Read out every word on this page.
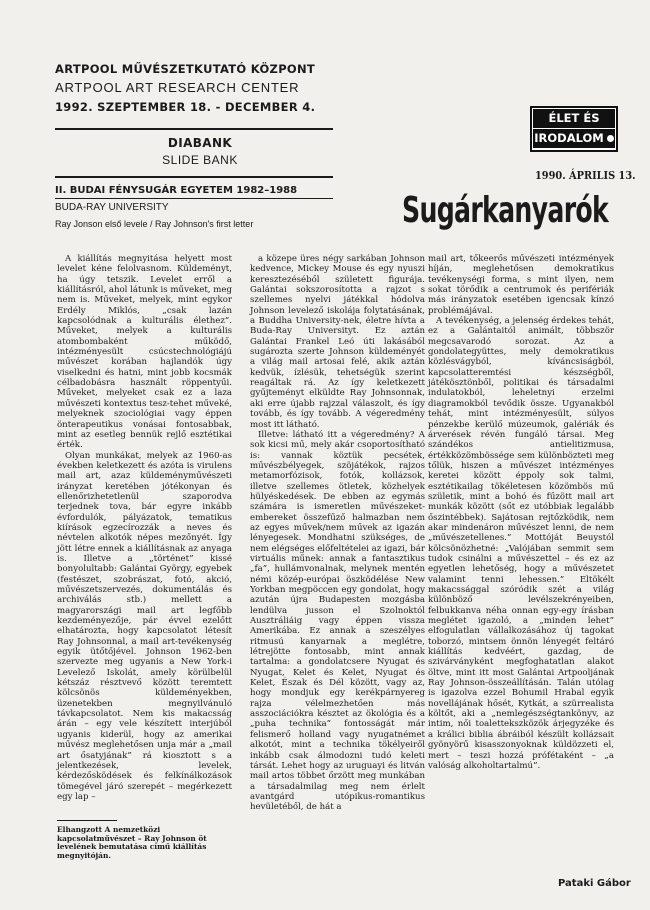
ARTPOOL MŰVÉSZETKUTATÓ KÖZPONT
ARTPOOL ART RESEARCH CENTER
1992. SZEPTEMBER 18. - DECEMBER 4.
DIABANK
SLIDE BANK
II. BUDAI FÉNYSUGÁR EGYETEM 1982–1988
BUDA-RAY UNIVERSITY
Ray Jonson első levele / Ray Johnson's first letter
ÉLET ÉS
IRODALOM
1990. ÁPRILIS 13.
Sugárkanyarók

A kiállítás megnyitása helyett most levelet kéne felolvasnom. Küldeményt, ha úgy tetszik. Levelet erről a kiállításról, ahol látunk is műveket, meg nem is. Műveket, melyek, mint egykor Erdély Miklós, „csak lazán kapcsolódnak a kulturális élethez”. Műveket, melyek a kulturális atombombaként működő, intézményesült csúcstechnológiájú művészet korában hajlandók úgy viselkedni és hatni, mint jobb kocsmák célbadobásra használt röppentyűi. Műveket, melyeket csak ez a laza művészeti kontextus tesz-tehet műveké, melyeknek szociológiai vagy éppen önterapeutikus vonásai fontosabbak, mint az esetleg bennük rejlő esztétikai érték.

Olyan munkákat, melyek az 1960-as években keletkezett és azóta is virulens mail art, azaz küldeményművészeti irányzat keretében jótékonyan és ellenőrizhetetlenül szaporodva terjednek tova, bár egyre inkább évfordulók, pályázatok, tematikus kiírások egzecírozzák a neves és névtelen alkotók népes mezőnyét. Így jött létre ennek a kiállításnak az anyaga is. Illetve a „történet” kissé bonyolultabb: Galántai György, egyebek (festészet, szobrászat, fotó, akció, művészetszervezés, dokumentálás és archiválás stb.) mellett a magyarországi mail art legfőbb kezdeményezője, pár évvel ezelőtt elhatározta, hogy kapcsolatot létesít Ray Johnsonnal, a mail art-tevékenység egyik ütőtőjével. Johnson 1962-ben szervezte meg ugyanis a New York-i Levelező Iskolát, amely körülbelül kétszáz résztvevő között teremtett kölcsönös küldeményekben, üzenetekben megnyilvánuló távkapcsolatot. Nem kis makacsság árán – egy vele készített interjúból ugyanis kiderül, hogy az amerikai művész meglehetősen unja már a „mail art ősatyjának” rá kiosztott s a jelentkezések, levelek, kérdezősködések és felkínálkozások tömegével járó szerepét – megérkezett egy lap –

a közepe üres négy sarkában Johnson kedvence, Mickey Mouse és egy nyuszi keresztezéséből született figurája. Galántai sokszorosította a rajzot s szellemes nyelvi játékkal hódolva Johnson levelező iskolája folytatásának, a Buddha University-nek, életre hívta a Buda-Ray Universityt. Ez aztán Galántai Frankel Leó úti lakásából sugározta szerte Johnson küldeményét a világ mail artosai felé, akik aztán kedvük, ízlésük, tehetségük szerint reagáltak rá. Az így keletkezett gyűjteményt elküldte Ray Johnsonnak, aki erre újabb rajzzal válaszolt, és így tovább, és így tovább. A végeredmény most itt látható.

Illetve: látható itt a végeredmény? A sok kicsi mű, mely akár csoportosítható is: vannak köztük pecsétek, művészbélyegek, szöjátékok, rajzos metamorfózisok, fotók, kollázsok, illetve szellemes ötletek, közhelyek hülyéskedések. De ebben az egymás számára is ismeretlen művészeket-embereket összefűző halmazban nem az egyes művek/nem művek az igazán lényegesek. Mondhatni szükséges, de nem elégséges előfeltételei az igazi, bár virtuális műnek: annak a fantasztikus „fa”, hullámvonalnak, melynek mentén némi közép-európai öszködélése New Yorkban megpöccen egy gondolat, hogy azután újra Budapesten mozgásba lendülva jusson el Szolnoktól Ausztráliáig vagy éppen vissza Amerikába. Ez annak a szeszélyes ritmusú kanyarnak a meglétre, létrejötte fontosabb, mint annak tartalma: a gondolatcsere Nyugat és Nyugat, Kelet és Kelet, Nyugat és Kelet, Észak és Dél között, vagy az, hogy mondjuk egy kerékpárnyereg rajza vélelmezhetően más asszociációkra késztet az ökológia és a „puha technika” fontosságát már felismerő holland vagy nyugatnémet alkotót, mint a technika tökélyeiről inkább csak álmodozni tudó keleti társát. Lehet hogy az uruguayi és litván mail artos többet őrzött meg munkában a társadalmilag meg nem érlelt avantgárd utópikus-romantikus hevületéből, de hát a

mail art, tőkeerős művészeti intézmények híján, meglehetősen demokratikus tevékenységi forma, s mint ilyen, nem sokat törődik a centrumok és perifériák más irányzatok esetében igencsak kínzó problémájával.

A tevékenység, a jelenség érdekes tehát, ez a Galántaitól animált, többször megcsavarodó sorozat. Az a gondolategyüttes, mely demokratikus közlésvágyból, kíváncsiságból, kapcsolatteremtési készségből, játékösztönből, politikai és társadalmi indulatokból, leheletnyi erzelmi diagramokból tevődik össze. Ugyanakból tehát, mint intézményesült, súlyos pénzekbe kerülő múzeumok, galériák és árverések révén fungáló társai. Meg szándékos antielitizmusa, értékközömbössége sem különbözteti meg tőlük, hiszen a művészet intézményes keretei között éppoly sok talmi, esztétikailag tökéletesen közömbös mű születik, mint a bohó és fűzött mail art munkák között (sőt ez utóbbiak legalább őszintébbek). Sajátosan rejtőzködik, nem akar mindenáron művészet lenni, de nem „művészetellenes.” Mottóját Beuystól kölcsönözhetné: „Valójában semmit sem tudok csinálni a művészettel – és ez az egyetlen lehetőség, hogy a művészetet valamint tenni lehessen.” Eltökélt makacssággal szóródik szét a világ különböző levélszekrényeiben, felbukkanva néha onnan egy-egy írásban meglétet igazoló, a „minden lehet” elfogulatlan vállalkozásához új tagokat toborzó, mintsem önnön lényegét feltáró kiállítás kedvéért, gazdag, de szivárványként megfoghatatlan alakot öltve, mint itt most Galántai Artpooljának Ray Johnson-összeállításán. Talán utólag is igazolva ezzel Bohumil Hrabal egyik novellájának hősét, Kytkát, a szürrealista költőt, aki a „nemlegészségtankönyv, az intim, női toalettekszközök árjegyzéke és a králici biblia ábráiból készült kollázsait gyönyörű kisasszonyoknak küldözzeti el, mert – teszi hozzá prófétaként – „a valóság alkoholtartalmú”.

Elhangzott A nemzetközi kapcsolatművészet – Ray Johnson öt levelének bemutatása című kiállítás megnyitóján.
Pataki Gábor
